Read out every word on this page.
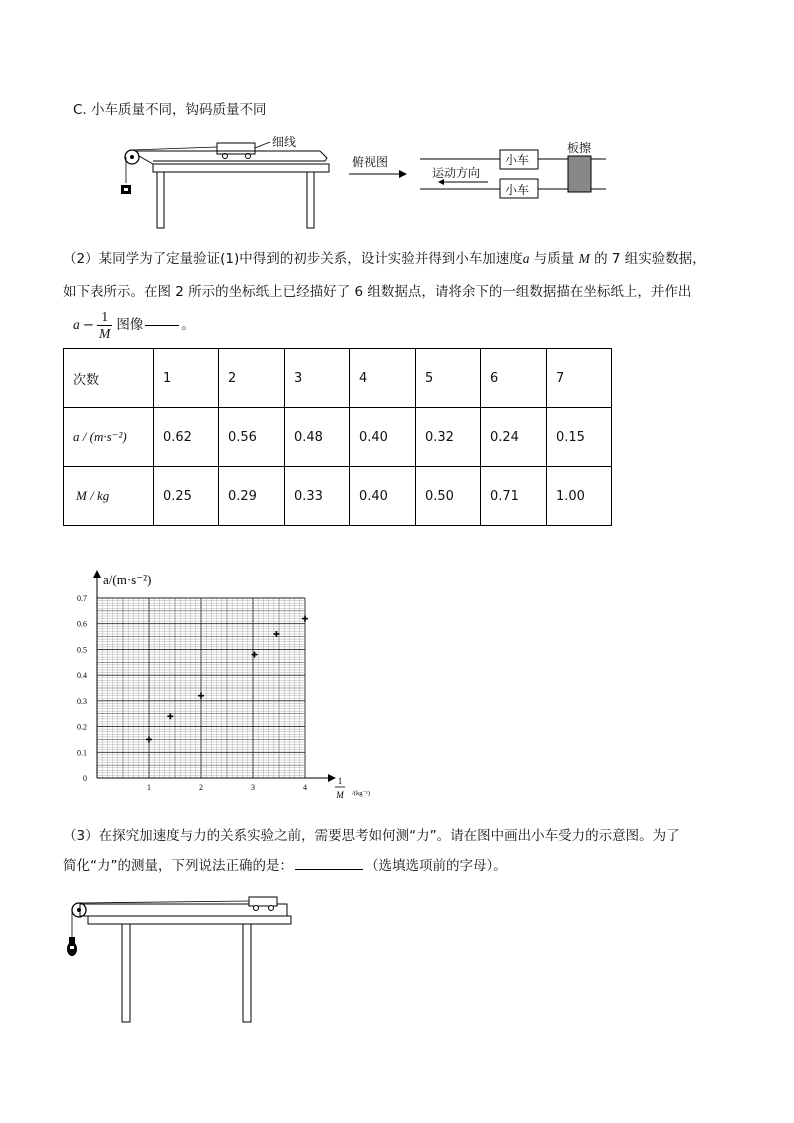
C. 小车质量不同，钩码质量不同
细线
俯视图	小车
小车
运动方向
板擦
（2）某同学为了定量验证(1)中得到的初步关系，设计实验并得到小车加速度a 与质量 M 的 7 组实验数据，
如下表所示。在图 2 所示的坐标纸上已经描好了 6 组数据点，请将余下的一组数据描在坐标纸上，并作出
$a - \frac{1}{M}$ 图像	。
次数	1	2	3	4	5	6	7
a / (m·s⁻²)	0.62	0.56	0.48	0.40	0.32	0.24	0.15
M / kg	0.25	0.29	0.33	0.40	0.50	0.71	1.00
0
0.1
0.2
0.3
0.4
0.5
0.6
0.7
1	2	3	4
a/(m·s⁻²)
1
M /(kg⁻¹)
（3）在探究加速度与力的关系实验之前，需要思考如何测“力”。请在图中画出小车受力的示意图。为了
简化“力”的测量，下列说法正确的是：	（选填选项前的字母）。
